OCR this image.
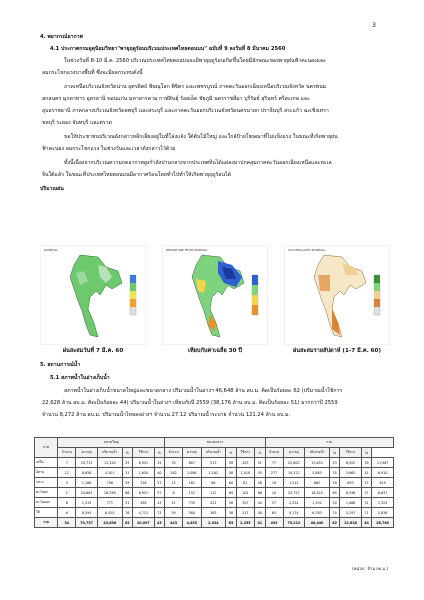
3
4. พยากรณ์อากาศ
4.1 ประกาศกรมอุตุนิยมวิทยา"พายุฤดูร้อนบริเวณประเทศไทยตอนบน" ฉบับที่ 9 ลงวันที่ 8 มีนาคม 2560
ในช่วงวันที่ 8-10 มี.ค. 2560 บริเวณประเทศไทยตอนบนจะมีพายุฤดูร้อนเกิดขึ้นโดยมีลักษณะของพายุฝนฟ้าคะนองและ
ลมกระโชกแรงบางพื้นที่ ซึ่งจะมีผลกระทบดังนี้
ภาคเหนือบริเวณจังหวัดน่าน อุตรดิตถ์ พิษณุโลก พิจิตร และเพชรบูรณ์ ภาคตะวันออกเฉียงเหนือบริเวณจังหวัด นครพนม
สกลนคร มุกดาหาร อุดรธานี ขอนแก่น มหาสารคาม กาฬสินธุ์ ร้อยเอ็ด ชัยภูมิ นครราชสีมา บุรีรัมย์ สุรินทร์ ศรีสะเกษ และ
อุบลราชธานี ภาคกลางบริเวณจังหวัดลพบุรี และสระบุรี และภาคตะวันออกบริเวณจังหวัดนครนายก ปราจีนบุรี สระแก้ว ฉะเชิงเทรา
ชลบุรี ระยอง จันทบุรี และตราด
ขอให้ประชาชนบริเวณดังกล่าวหลีกเลี่ยงอยู่ในที่โล่งแจ้ง ใต้ต้นไม้ใหญ่ และใกล้ป้ายโฆษณาที่ไม่แข็งแรง ในขณะที่เกิดพายุฝน
ฟ้าคะนอง ลมกระโชกแรง ในช่วงวันและเวลาดังกล่าวไว้ด้วย
ทั้งนี้เนื่องจากบริเวณความกดอากาศสูงกำลังปานกลางจากประเทศจีนได้แผ่ลงมาปกคลุมภาคตะวันออกเฉียงเหนือและทะเล
จีนใต้แล้ว ในขณะที่ประเทศไทยตอนบนมีอากาศร้อนโดยทั่วไปทำให้เกิดพายุฤดูร้อนได้
ปริมาณฝน
RAINFALL
ฝนสะสมวันที่ 7 มี.ค. 60
DEPARTURE FROM NORMAL
เทียบกับค่าเฉลี่ย 30 ปี
ACCUMULATED RAINFALL
ฝนสะสมรายสัปดาห์ (1-7 มี.ค. 60)
5. สถานการณ์น้ำ
5.1 สภาพน้ำในอ่างเก็บน้ำ
สภาพน้ำในอ่างเก็บน้ำขนาดใหญ่และขนาดกลาง ปริมาณน้ำในอ่างฯ 46,648 ล้าน ลบ.ม. คิดเป็นร้อยละ 62 (ปริมาณน้ำใช้การ
22,628 ล้าน ลบ.ม. คิดเป็นร้อยละ 44) ปริมาณน้ำในอ่างฯ เทียบกับปี 2559 (38,176 ล้าน ลบ.ม. คิดเป็นร้อยละ 51) มากกว่าปี 2559
จำนวน 8,272 ล้าน ลบ.ม. ปริมาณน้ำไหลลงอ่างฯ จำนวน 27.12 ปริมาณน้ำระบาย จำนวน 121.24 ล้าน ลบ.ม.
ภาค	ขนาดใหญ่						ขนาดกลาง						รวม						
	จำนวน	ความจุ	ปริมาณน้ำ	%	ใช้การ	%	จำนวน	ความจุ	ปริมาณน้ำ	%	ใช้การ	%	จำนวน	ความจุ	ปริมาณน้ำ	%	ใช้การ	%	
เหนือ	7	24,713	13,120	55	6,951	34	70	887	513	58	423	51	77	25,602	13,633	53	6,922	39	11,967
อีสาน	12	8,658	4,301	31	2,650	40	262	2,098	1,162	58	1,018	55	277	10,372	5,863	55	3,665	41	6,910
กลาง	5	1,168	756	59	726	57	13	161	86	60	81	56	18	1,511	862	59	693	57	619
ตะวันตก	2	24,605	18,298	68	6,951	57	8	152	112	69	101	66	10	24,757	18,420	69	6,938	57	6,637
ตะวันออก	6	1,519	771	51	458	43	51	735	421	56	307	44	57	2,254	1,192	54	1,066	31	1,324
ใต้	6	8,594	6,420	76	4,713	73	59	580	363	58	317	48	65	9,174	6,783	74	5,297	71	2,836
รวม	34	70,757	43,636	62	20,097	43	443	4,455	2,924	63	2,255	41	492	75,212	46,440	62	22,628	44	28,760
(หน่วย : ล้าน ลบ.ม.)
